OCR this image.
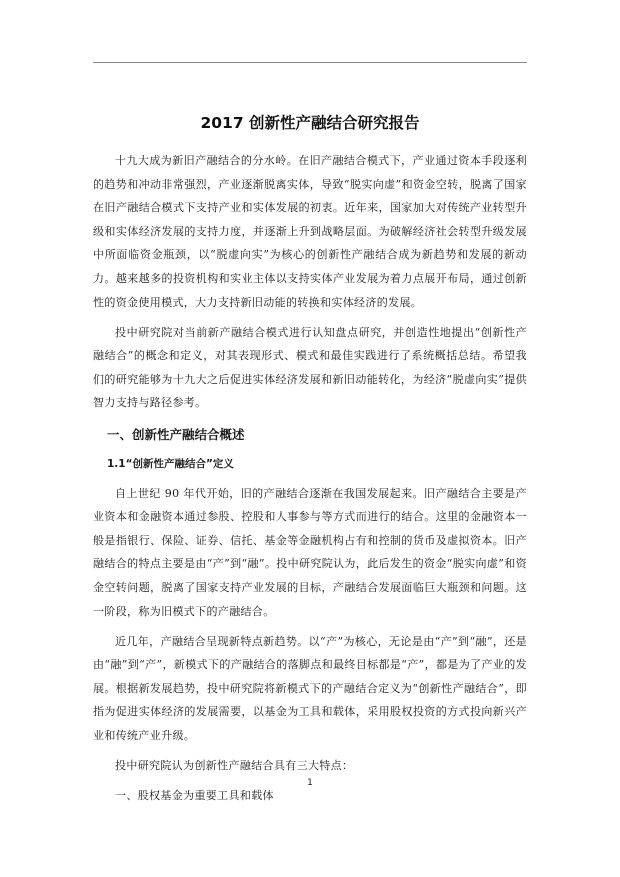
2017 创新性产融结合研究报告

十九大成为新旧产融结合的分水岭。在旧产融结合模式下，产业通过资本手段逐利的趋势和冲动非常强烈，产业逐渐脱离实体，导致“脱实向虚”和资金空转，脱离了国家在旧产融结合模式下支持产业和实体发展的初衷。近年来，国家加大对传统产业转型升级和实体经济发展的支持力度，并逐渐上升到战略层面。为破解经济社会转型升级发展中所面临资金瓶颈，以“脱虚向实”为核心的创新性产融结合成为新趋势和发展的新动力。越来越多的投资机构和实业主体以支持实体产业发展为着力点展开布局，通过创新性的资金使用模式，大力支持新旧动能的转换和实体经济的发展。

投中研究院对当前新产融结合模式进行认知盘点研究，并创造性地提出“创新性产融结合”的概念和定义，对其表现形式、模式和最佳实践进行了系统概括总结。希望我们的研究能够为十九大之后促进实体经济发展和新旧动能转化，为经济“脱虚向实”提供智力支持与路径参考。

一、创新性产融结合概述
1.1“创新性产融结合”定义

自上世纪 90 年代开始，旧的产融结合逐渐在我国发展起来。旧产融结合主要是产业资本和金融资本通过参股、控股和人事参与等方式而进行的结合。这里的金融资本一般是指银行、保险、证券、信托、基金等金融机构占有和控制的货币及虚拟资本。旧产融结合的特点主要是由“产”到“融”。投中研究院认为，此后发生的资金“脱实向虚”和资金空转问题，脱离了国家支持产业发展的目标，产融结合发展面临巨大瓶颈和问题。这一阶段，称为旧模式下的产融结合。

近几年，产融结合呈现新特点新趋势。以“产”为核心，无论是由“产”到“融”，还是由“融”到“产”，新模式下的产融结合的落脚点和最终目标都是“产”，都是为了产业的发展。根据新发展趋势，投中研究院将新模式下的产融结合定义为“创新性产融结合”，即指为促进实体经济的发展需要，以基金为工具和载体，采用股权投资的方式投向新兴产业和传统产业升级。

投中研究院认为创新性产融结合具有三大特点：

一、股权基金为重要工具和载体

1
